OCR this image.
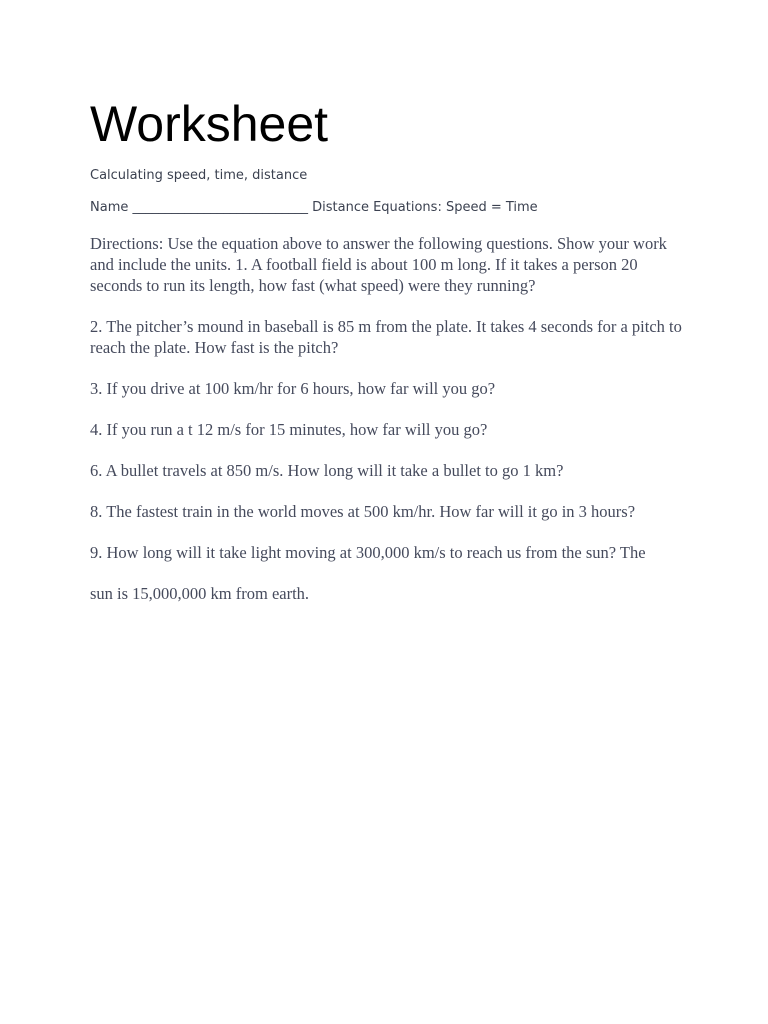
Worksheet
Calculating speed, time, distance
Name ___________________________ Distance Equations: Speed = Time

Directions: Use the equation above to answer the following questions. Show your work and include the units. 1. A football field is about 100 m long. If it takes a person 20 seconds to run its length, how fast (what speed) were they running?

2. The pitcher’s mound in baseball is 85 m from the plate. It takes 4 seconds for a pitch to reach the plate. How fast is the pitch?

3. If you drive at 100 km/hr for 6 hours, how far will you go?

4. If you run a t 12 m/s for 15 minutes, how far will you go?

6. A bullet travels at 850 m/s. How long will it take a bullet to go 1 km?

8. The fastest train in the world moves at 500 km/hr. How far will it go in 3 hours?

9. How long will it take light moving at 300,000 km/s to reach us from the sun? The

sun is 15,000,000 km from earth.
